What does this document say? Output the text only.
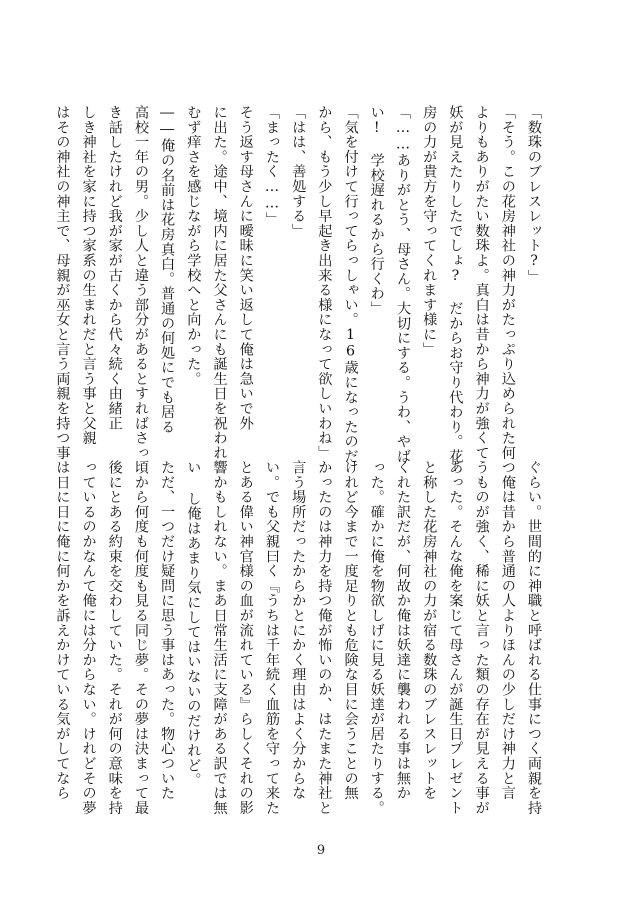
「数珠のブレスレット?」
「そう。この花房神社の神力がたっぷり込められた何
よりもありがたい数珠よ。真白は昔から神力が強くて
妖が見えたりしたでしょ? だからお守り代わり。花
房の力が貴方を守ってくれます様に」
「……ありがとう、母さん。大切にする。うわ、やば
い! 学校遅れるから行くわ」
「気を付けて行ってらっしゃい。16歳になったのだ
から、もう少し早起き出来る様になって欲しいわね」
「はは、善処する」
「まったく……」
そう返す母さんに曖昧に笑い返して俺は急いで外
に出た。途中、境内に居た父さんにも誕生日を祝われ
むず痒さを感じながら学校へと向かった。
――俺の名前は花房真白。普通の何処にでも居る
高校一年の男。少し人と違う部分があるとすればさっ
き話したけれど我が家が古くから代々続く由緒正
しき神社を家に持つ家系の生まれだと言う事と父親
はその神社の神主で、母親が巫女と言う両親を持つ事
ぐらい。世間的に神職と呼ばれる仕事につく両親を持
つ俺は昔から普通の人よりほんの少しだけ神力と言
うものが強く、稀に妖と言った類の存在が見える事が
あった。そんな俺を案じて母さんが誕生日プレゼント
と称した花房神社の力が宿る数珠のブレスレットを
くれた訳だが、何故か俺は妖達に襲われる事は無か
った。確かに俺を物欲しげに見る妖達が居たりする。
けれど今まで一度足りとも危険な目に会うことの無
かったのは神力を持つ俺が怖いのか、はたまた神社と
言う場所だったからかとにかく理由はよく分からな
い。でも父親曰く『うちは千年続く血筋を守って来た
とある偉い神官様の血が流れている』らしくそれの影
響かもしれない。まあ日常生活に支障がある訳では無
い し俺はあまり気にしてはいないのだけれど。
ただ、一つだけ疑問に思う事はあった。物心ついた
頃から何度も何度も見る同じ夢。その夢は決まって最
後にとある約束を交わしていた。それが何の意味を持
っているのかなんて俺には分からない。けれどその夢
は日に日に俺に何かを訴えかけている気がしてなら
9
